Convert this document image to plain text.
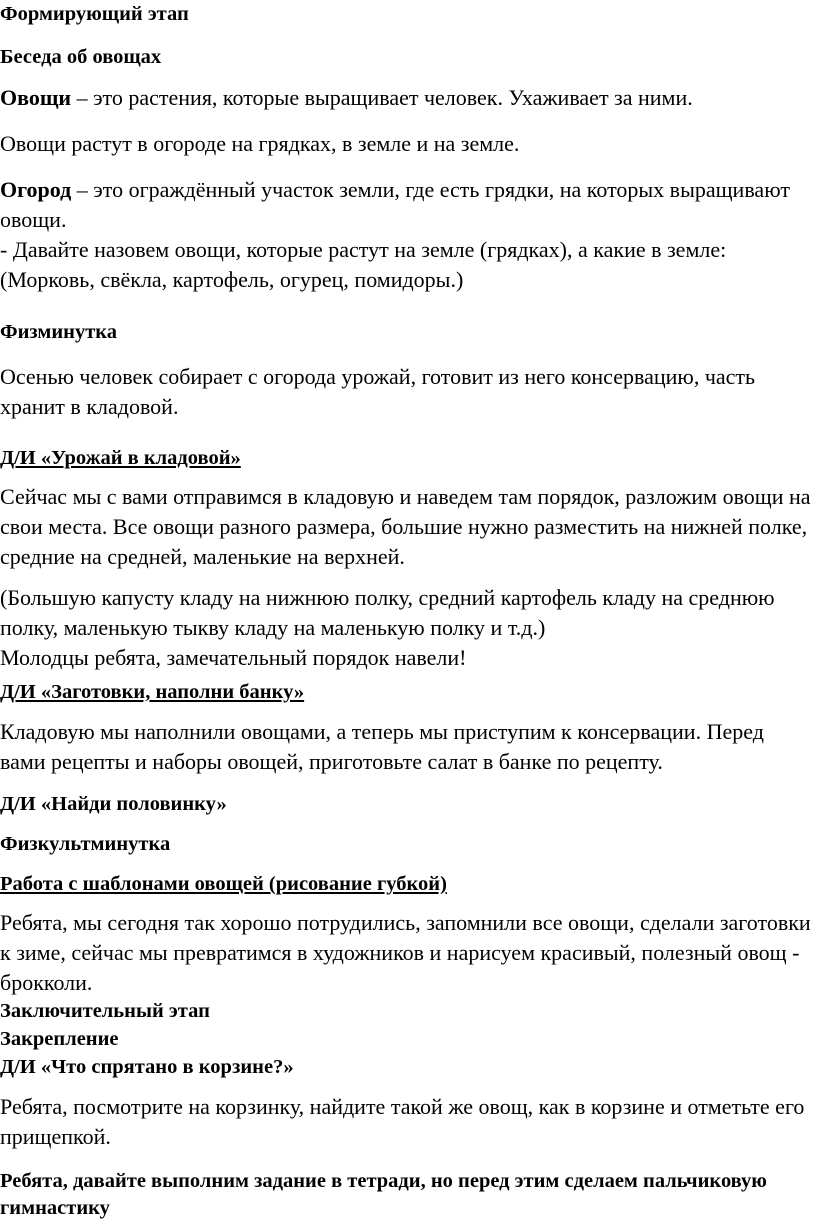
Формирующий этап

Беседа об овощах

Овощи – это растения, которые выращивает человек. Ухаживает за ними.

Овощи растут в огороде на грядках, в земле и на земле.

Огород – это ограждённый участок земли, где есть грядки, на которых выращивают овощи.

- Давайте назовем овощи, которые растут на земле (грядках), а какие в земле:

(Морковь, свёкла, картофель, огурец, помидоры.)

Физминутка

Осенью человек собирает с огорода урожай, готовит из него консервацию, часть хранит в кладовой.

Д/И «Урожай в кладовой»

Сейчас мы с вами отправимся в кладовую и наведем там порядок, разложим овощи на свои места. Все овощи разного размера, большие нужно разместить на нижней полке, средние на средней, маленькие на верхней.

(Большую капусту кладу на нижнюю полку, средний картофель кладу на среднюю полку, маленькую тыкву кладу на маленькую полку и т.д.)

Молодцы ребята, замечательный порядок навели!

Д/И «Заготовки, наполни банку»

Кладовую мы наполнили овощами, а теперь мы приступим к консервации. Перед вами рецепты и наборы овощей, приготовьте салат в банке по рецепту.

Д/И «Найди половинку»

Физкультминутка

Работа с шаблонами овощей (рисование губкой)

Ребята, мы сегодня так хорошо потрудились, запомнили все овощи, сделали заготовки к зиме, сейчас мы превратимся в художников и нарисуем красивый, полезный овощ - брокколи.

Заключительный этап

Закрепление

Д/И «Что спрятано в корзине?»

Ребята, посмотрите на корзинку, найдите такой же овощ, как в корзине и отметьте его прищепкой.

Ребята, давайте выполним задание в тетради, но перед этим сделаем пальчиковую гимнастику
